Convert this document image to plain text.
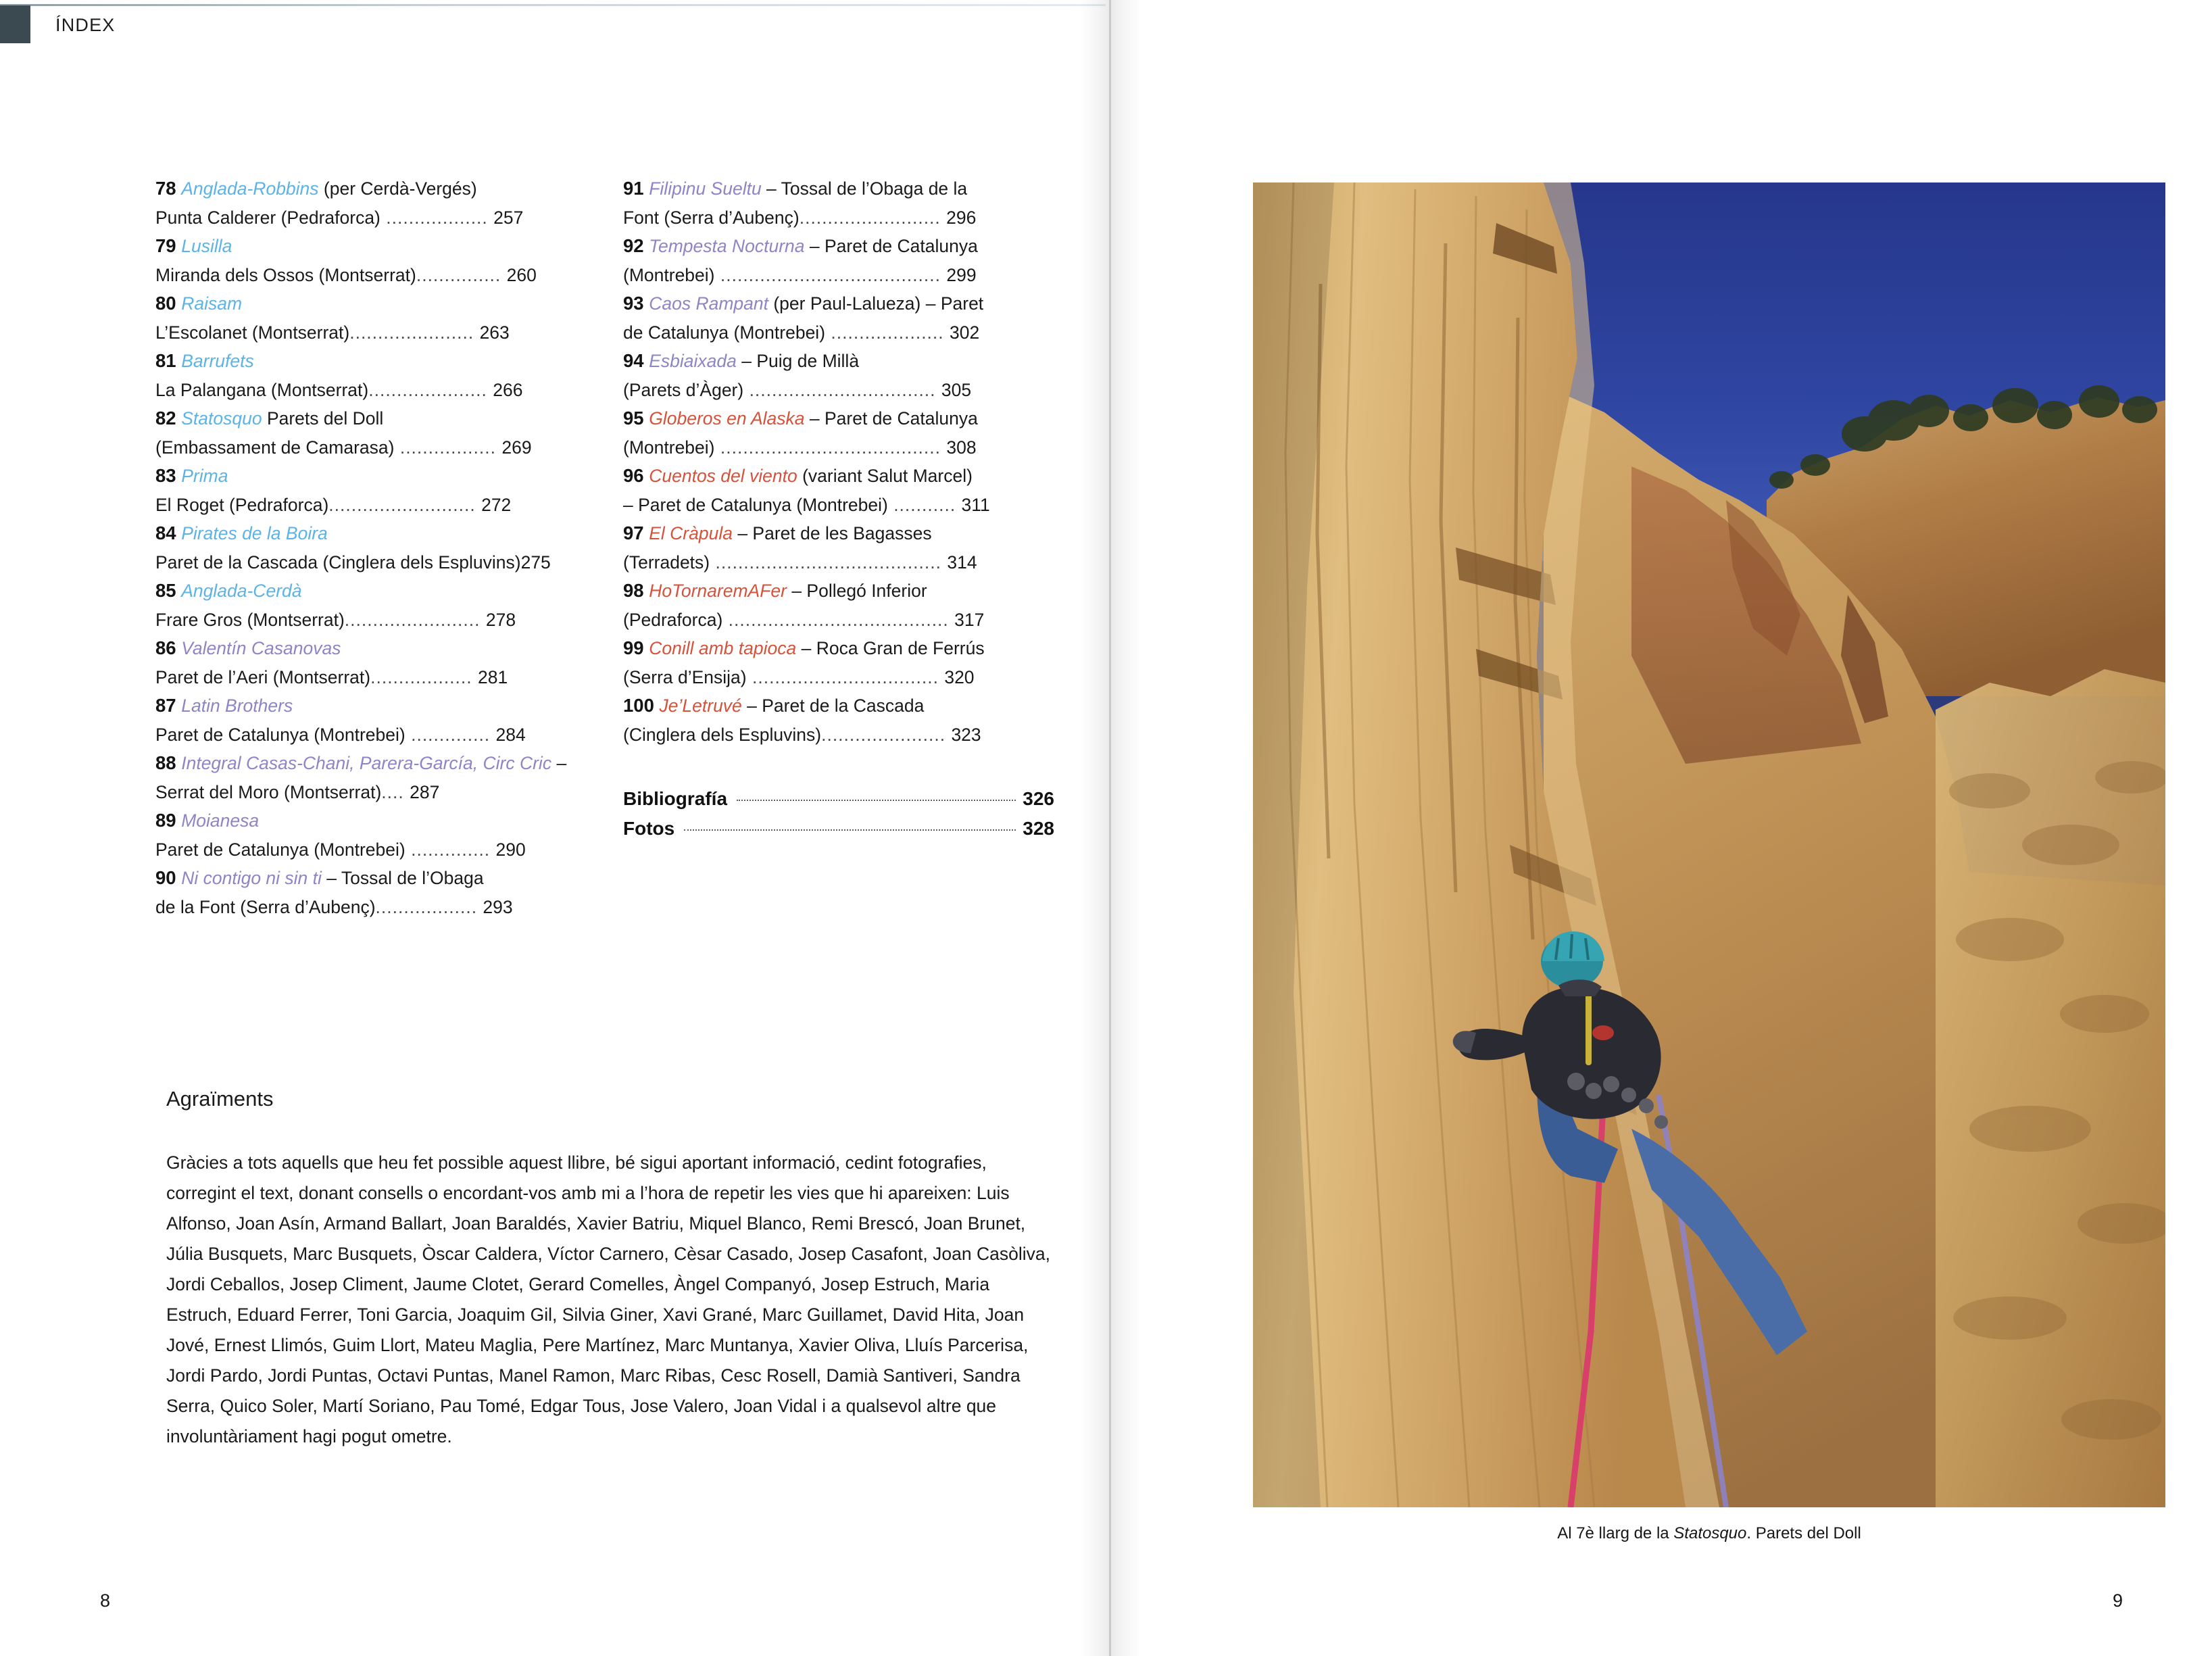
ÍNDEX

78 Anglada-Robbins (per Cerdà-Vergés)
Punta Calderer (Pedraforca) .................. 257

79 Lusilla
Miranda dels Ossos (Montserrat)............... 260

80 Raisam
L’Escolanet (Montserrat)...................... 263

81 Barrufets
La Palangana (Montserrat)..................... 266

82 Statosquo Parets del Doll
(Embassament de Camarasa) ................. 269

83 Prima
El Roget (Pedraforca).......................... 272

84 Pirates de la Boira
Paret de la Cascada (Cinglera dels Espluvins)275

85 Anglada-Cerdà
Frare Gros (Montserrat)........................ 278

86 Valentín Casanovas
Paret de l’Aeri (Montserrat).................. 281

87 Latin Brothers
Paret de Catalunya (Montrebei) .............. 284

88 Integral Casas-Chani, Parera-García, Circ Cric – Serrat del Moro (Montserrat).... 287

89 Moianesa
Paret de Catalunya (Montrebei) .............. 290

90 Ni contigo ni sin ti – Tossal de l’Obaga
de la Font (Serra d’Aubenç).................. 293

91 Filipinu Sueltu – Tossal de l’Obaga de la
Font (Serra d’Aubenç)......................... 296

92 Tempesta Nocturna – Paret de Catalunya
(Montrebei) ....................................... 299

93 Caos Rampant (per Paul-Lalueza) – Paret
de Catalunya (Montrebei) .................... 302

94 Esbiaixada – Puig de Millà
(Parets d’Àger) ................................. 305

95 Globeros en Alaska – Paret de Catalunya
(Montrebei) ....................................... 308

96 Cuentos del viento (variant Salut Marcel)
– Paret de Catalunya (Montrebei) ........... 311

97 El Cràpula – Paret de les Bagasses
(Terradets) ........................................ 314

98 HoTornaremAFer – Pollegó Inferior
(Pedraforca) ....................................... 317

99 Conill amb tapioca – Roca Gran de Ferrús
(Serra d’Ensija) ................................. 320

100 Je’Letruvé – Paret de la Cascada
(Cinglera dels Espluvins)...................... 323

Bibliografía	326
Fotos	328
Agraïments

Gràcies a tots aquells que heu fet possible aquest llibre, bé sigui aportant informació, cedint fotografies, corregint el text, donant consells o encordant-vos amb mi a l’hora de repetir les vies que hi apareixen: Luis Alfonso, Joan Asín, Armand Ballart, Joan Baraldés, Xavier Batriu, Miquel Blanco, Remi Brescó, Joan Brunet, Júlia Busquets, Marc Busquets, Òscar Caldera, Víctor Carnero, Cèsar Casado, Josep Casafont, Joan Casòliva, Jordi Ceballos, Josep Climent, Jaume Clotet, Gerard Comelles, Àngel Companyó, Josep Estruch, Maria Estruch, Eduard Ferrer, Toni Garcia, Joaquim Gil, Silvia Giner, Xavi Grané, Marc Guillamet, David Hita, Joan Jové, Ernest Llimós, Guim Llort, Mateu Maglia, Pere Martínez, Marc Muntanya, Xavier Oliva, Lluís Parcerisa, Jordi Pardo, Jordi Puntas, Octavi Puntas, Manel Ramon, Marc Ribas, Cesc Rosell, Damià Santiveri, Sandra Serra, Quico Soler, Martí Soriano, Pau Tomé, Edgar Tous, Jose Valero, Joan Vidal i a qualsevol altre que involuntàriament hagi pogut ometre.

8
Al 7è llarg de la Statosquo. Parets del Doll
9
